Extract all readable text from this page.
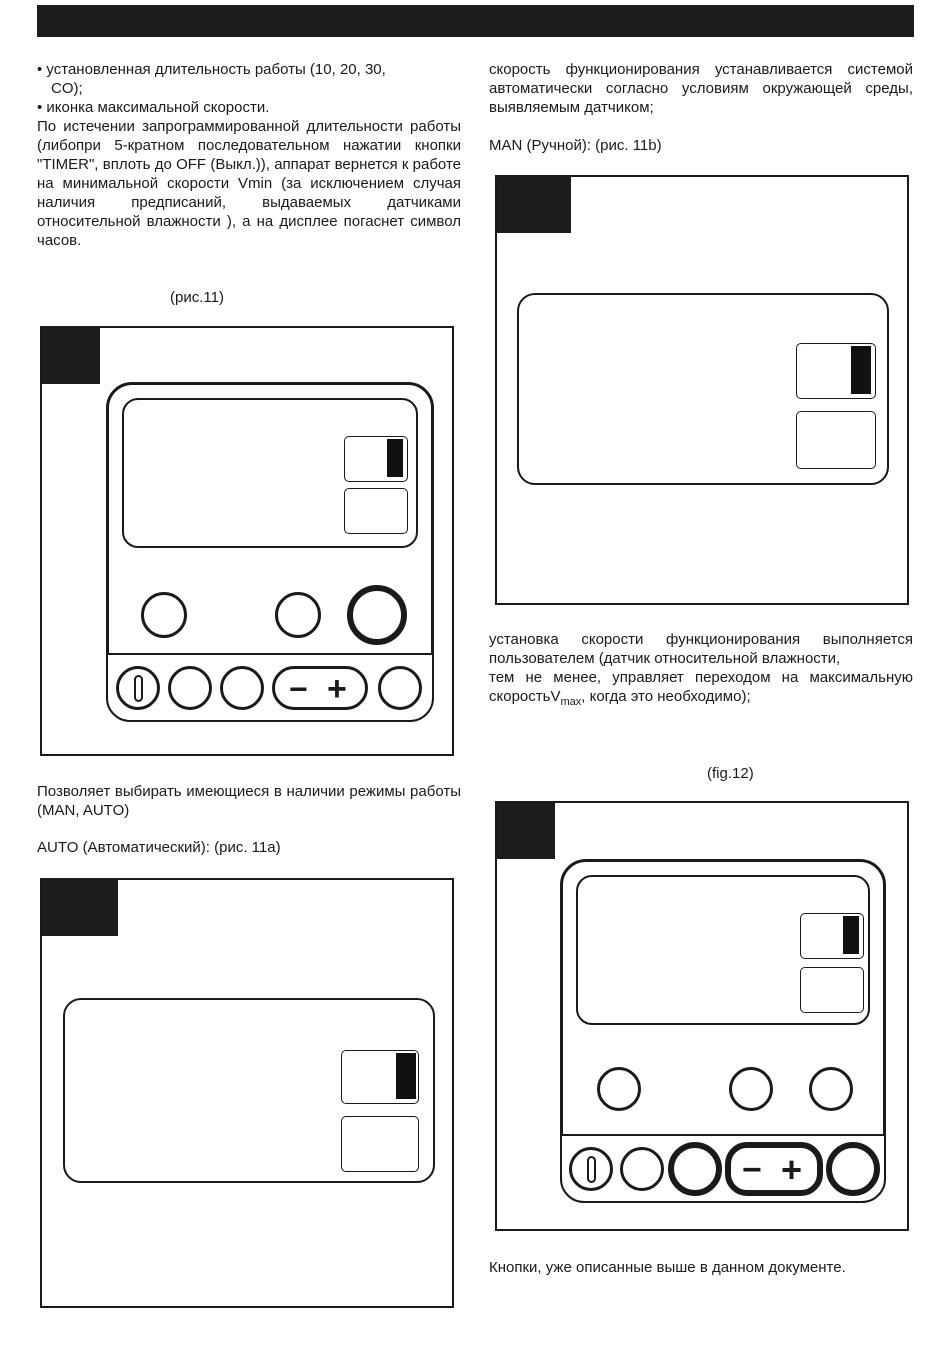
• установленная длительность работы (10, 20, 30,

CO);

• иконка максимальной скорости.

По истечении запрограммированной длительности работы (либопри 5-кратном последовательном нажатии кнопки "TIMER", вплоть до OFF (Выкл.)), аппарат вернется к работе на минимальной скорости Vmin (за исключением случая наличия предписаний, выдаваемых датчиками относительной влажности ), а на дисплее погаснет символ часов.

(рис.11)
− +
Позволяет выбирать имеющиеся в наличии режимы работы (MAN, AUTO)
AUTO (Автоматический): (рис. 11a)
скорость функционирования устанавливается системой автоматически согласно условиям окружающей среды, выявляемым датчиком;
MAN (Ручной): (рис. 11b)

установка скорости функционирования выполняется пользователем (датчик относительной влажности,

тем не менее, управляет переходом на максимальную скоростьV$_{max}$, когда это необходимо);

(fig.12)
− +
Кнопки, уже описанные выше в данном документе.
